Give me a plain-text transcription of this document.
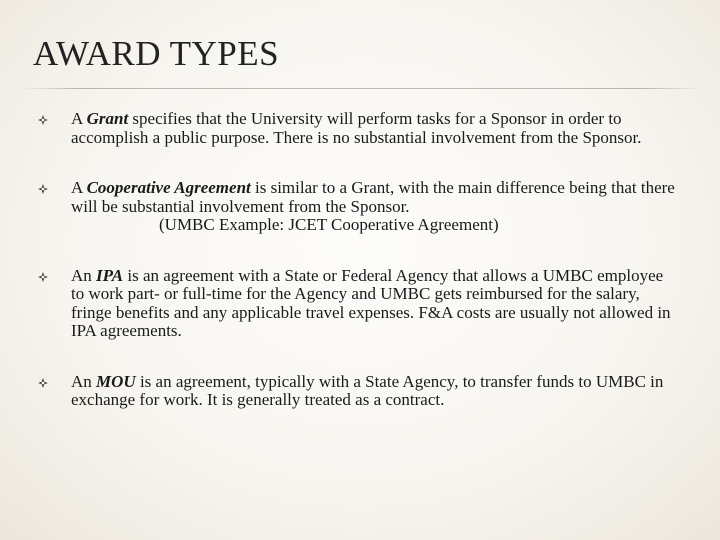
AWARD TYPES

A Grant specifies that the University will perform tasks for a Sponsor in order to accomplish a public purpose. There is no substantial involvement from the Sponsor.

A Cooperative Agreement is similar to a Grant, with the main difference being that there will be substantial involvement from the Sponsor.

(UMBC Example: JCET Cooperative Agreement)

An IPA is an agreement with a State or Federal Agency that allows a UMBC employee to work part- or full-time for the Agency and UMBC gets reimbursed for the salary, fringe benefits and any applicable travel expenses. F&A costs are usually not allowed in IPA agreements.

An MOU is an agreement, typically with a State Agency, to transfer funds to UMBC in exchange for work. It is generally treated as a contract.
